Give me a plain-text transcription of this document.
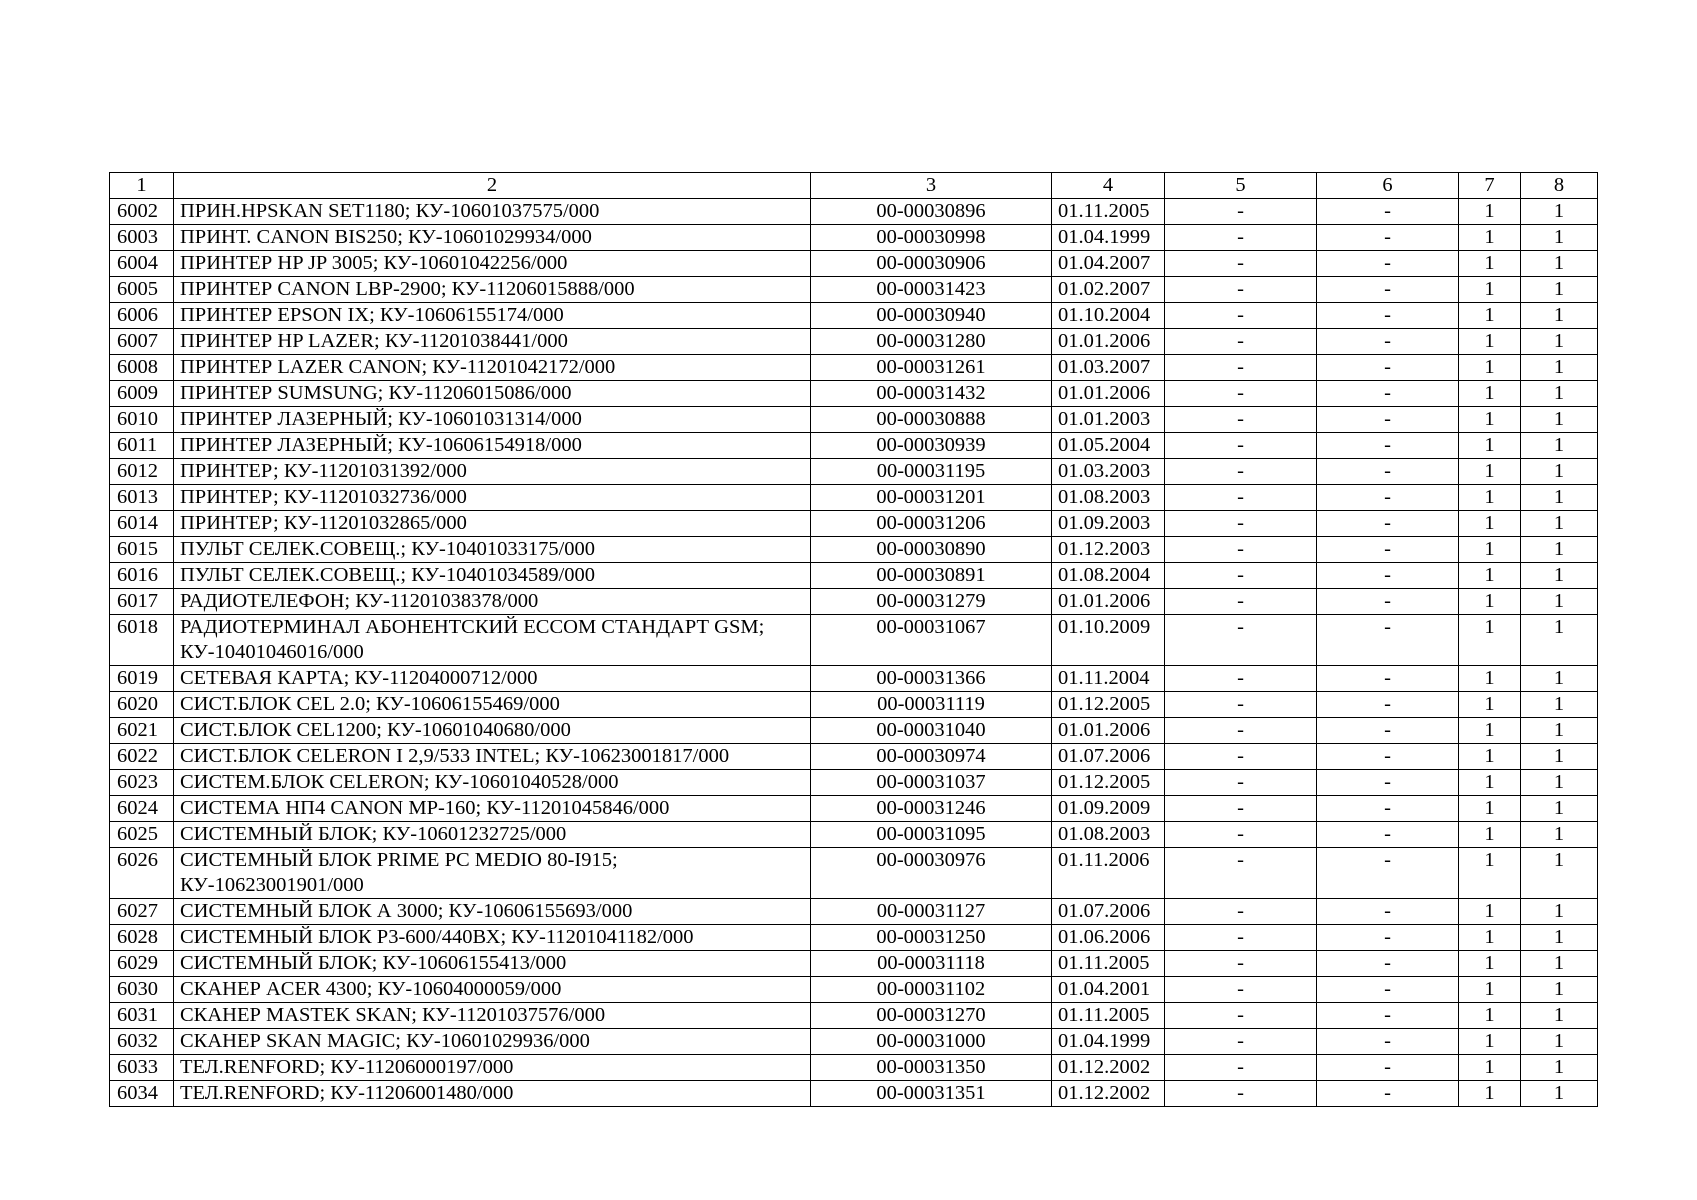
1	2	3	4	5	6	7	8
6002	ПРИН.HPSKAN SET1180; КУ-10601037575/000	00-00030896	01.11.2005	-	-	1	1
6003	ПРИНТ. CANON BIS250; КУ-10601029934/000	00-00030998	01.04.1999	-	-	1	1
6004	ПРИНТЕР HP JP 3005; КУ-10601042256/000	00-00030906	01.04.2007	-	-	1	1
6005	ПРИНТЕР CANON LBP-2900; КУ-11206015888/000	00-00031423	01.02.2007	-	-	1	1
6006	ПРИНТЕР EPSON IX; КУ-10606155174/000	00-00030940	01.10.2004	-	-	1	1
6007	ПРИНТЕР HP LAZER; КУ-11201038441/000	00-00031280	01.01.2006	-	-	1	1
6008	ПРИНТЕР LAZER CANON; КУ-11201042172/000	00-00031261	01.03.2007	-	-	1	1
6009	ПРИНТЕР SUMSUNG; КУ-11206015086/000	00-00031432	01.01.2006	-	-	1	1
6010	ПРИНТЕР ЛАЗЕРНЫЙ; КУ-10601031314/000	00-00030888	01.01.2003	-	-	1	1
6011	ПРИНТЕР ЛАЗЕРНЫЙ; КУ-10606154918/000	00-00030939	01.05.2004	-	-	1	1
6012	ПРИНТЕР; КУ-11201031392/000	00-00031195	01.03.2003	-	-	1	1
6013	ПРИНТЕР; КУ-11201032736/000	00-00031201	01.08.2003	-	-	1	1
6014	ПРИНТЕР; КУ-11201032865/000	00-00031206	01.09.2003	-	-	1	1
6015	ПУЛЬТ СЕЛЕК.СОВЕЩ.; КУ-10401033175/000	00-00030890	01.12.2003	-	-	1	1
6016	ПУЛЬТ СЕЛЕК.СОВЕЩ.; КУ-10401034589/000	00-00030891	01.08.2004	-	-	1	1
6017	РАДИОТЕЛЕФОН; КУ-11201038378/000	00-00031279	01.01.2006	-	-	1	1
6018	РАДИОТЕРМИНАЛ АБОНЕНТСКИЙ ЕССОМ СТАНДАРТ GSM; КУ-10401046016/000	00-00031067	01.10.2009	-	-	1	1
6019	СЕТЕВАЯ КАРТА; КУ-11204000712/000	00-00031366	01.11.2004	-	-	1	1
6020	СИСТ.БЛОК CEL 2.0; КУ-10606155469/000	00-00031119	01.12.2005	-	-	1	1
6021	СИСТ.БЛОК CEL1200; КУ-10601040680/000	00-00031040	01.01.2006	-	-	1	1
6022	СИСТ.БЛОК CELERON I 2,9/533 INTEL; КУ-10623001817/000	00-00030974	01.07.2006	-	-	1	1
6023	СИСТЕМ.БЛОК CELERON; КУ-10601040528/000	00-00031037	01.12.2005	-	-	1	1
6024	СИСТЕМА НП4 CANON MP-160; КУ-11201045846/000	00-00031246	01.09.2009	-	-	1	1
6025	СИСТЕМНЫЙ БЛОК; КУ-10601232725/000	00-00031095	01.08.2003	-	-	1	1
6026	СИСТЕМНЫЙ БЛОК PRIME PC MEDIO 80-I915; КУ-10623001901/000	00-00030976	01.11.2006	-	-	1	1
6027	СИСТЕМНЫЙ БЛОК А 3000; КУ-10606155693/000	00-00031127	01.07.2006	-	-	1	1
6028	СИСТЕМНЫЙ БЛОК Р3-600/440ВХ; КУ-11201041182/000	00-00031250	01.06.2006	-	-	1	1
6029	СИСТЕМНЫЙ БЛОК; КУ-10606155413/000	00-00031118	01.11.2005	-	-	1	1
6030	СКАНЕР ACER 4300; КУ-10604000059/000	00-00031102	01.04.2001	-	-	1	1
6031	СКАНЕР MASTEK SKAN; КУ-11201037576/000	00-00031270	01.11.2005	-	-	1	1
6032	СКАНЕР SKAN MAGIC; КУ-10601029936/000	00-00031000	01.04.1999	-	-	1	1
6033	ТЕЛ.RENFORD; КУ-11206000197/000	00-00031350	01.12.2002	-	-	1	1
6034	ТЕЛ.RENFORD; КУ-11206001480/000	00-00031351	01.12.2002	-	-	1	1
